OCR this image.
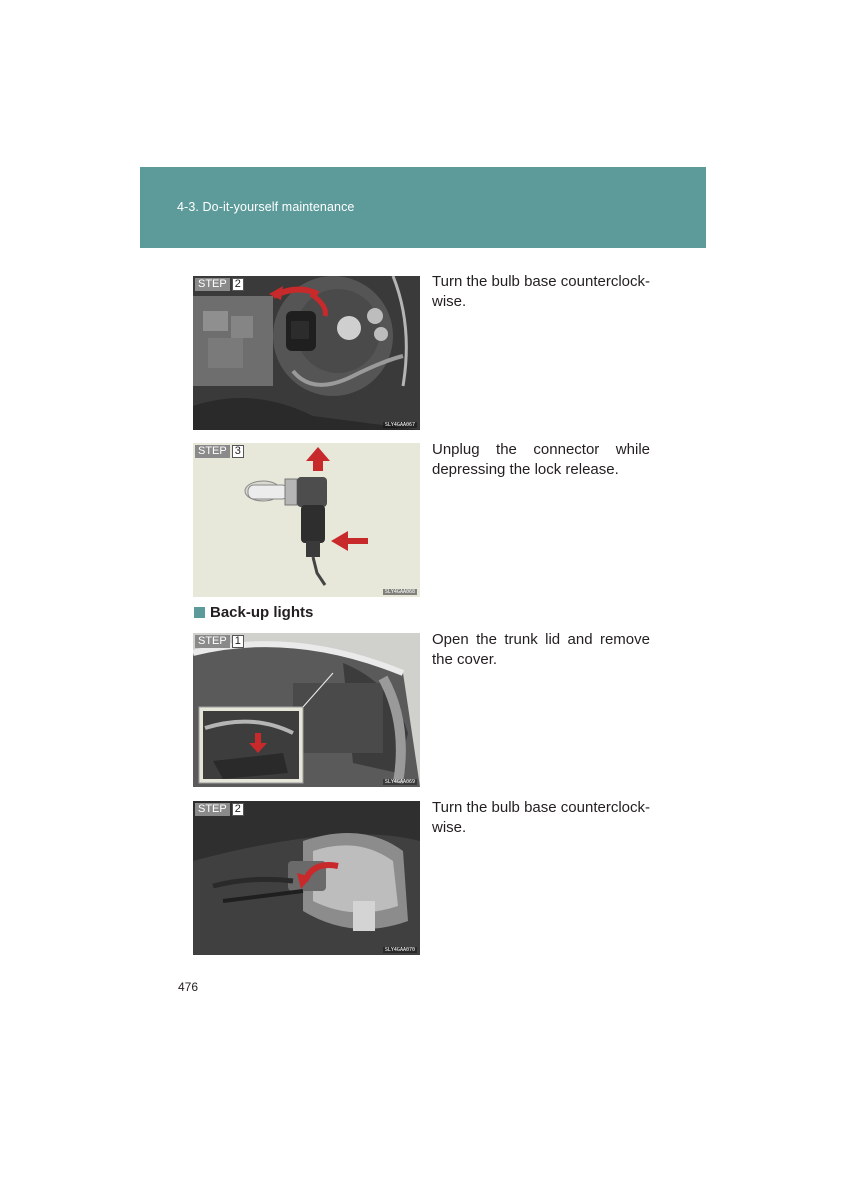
4-3. Do-it-yourself maintenance
STEP 2
SLY4GAA067
Turn the bulb base counterclock-wise.
STEP 3
SLY4GAA068
Unplug the connector while depressing the lock release.
Back-up lights
STEP 1
SLY4GAA069
Open the trunk lid and remove the cover.
STEP 2
SLY4GAA070
Turn the bulb base counterclock-wise.
476
